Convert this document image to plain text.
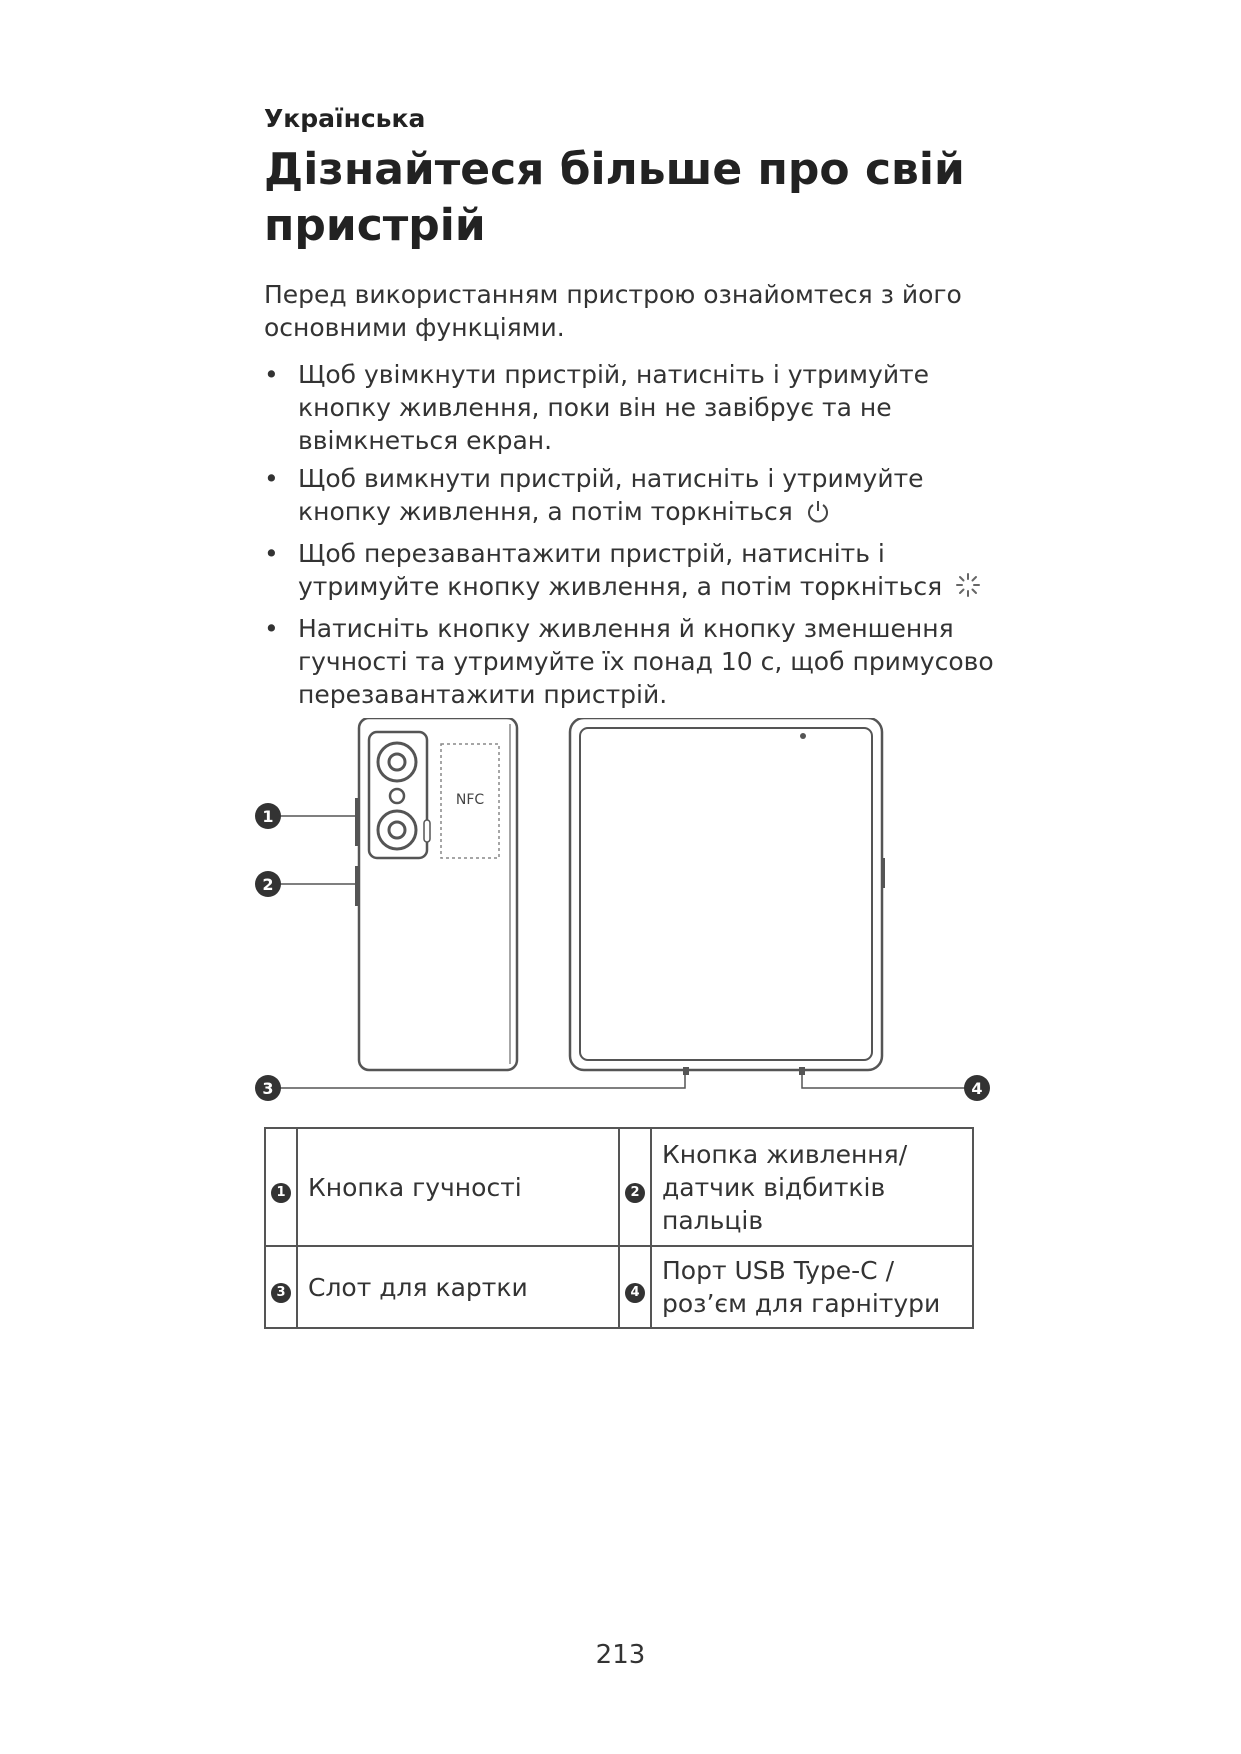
Українська
Дізнайтеся більше про свій пристрій

Перед використанням пристрою ознайомтеся з його основними функціями.

• Щоб увімкнути пристрій, натисніть і утримуйте кнопку живлення, поки він не завібрує та не ввімкнеться екран.
• Щоб вимкнути пристрій, натисніть і утримуйте кнопку живлення, а потім торкніться
• Щоб перезавантажити пристрій, натисніть і утримуйте кнопку живлення, а потім торкніться
• Натисніть кнопку живлення й кнопку зменшення гучності та утримуйте їх понад 10 с, щоб примусово перезавантажити пристрій.
NFC
1
2
3	4
1	Кнопка гучності	2	Кнопка живлення/ датчик відбитків пальців
3	Слот для картки	4	Порт USB Type-C / роз’єм для гарнітури
213
